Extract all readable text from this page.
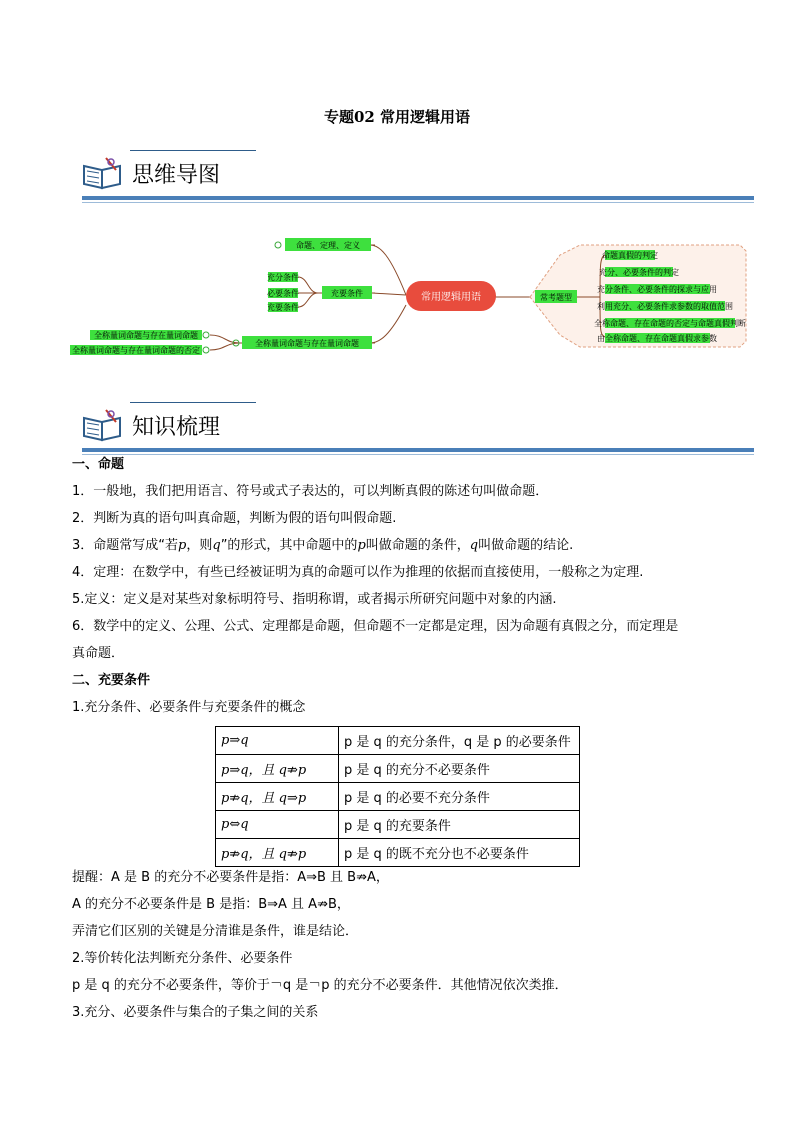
专题02 常用逻辑用语
思维导图
常用逻辑用语
命题、定理、定义
充要条件
充分条件
必要条件
充要条件
全称量词命题与存在量词命题
全称量词命题与存在量词命题
全称量词命题与存在量词命题的否定
常考题型
命题真假的判定
充分、必要条件的判定
充分条件、必要条件的探求与应用
利用充分、必要条件求参数的取值范围
全称命题、存在命题的否定与命题真假判断
由全称命题、存在命题真假求参数
知识梳理

一、命题

1．一般地，我们把用语言、符号或式子表达的，可以判断真假的陈述句叫做命题．

2．判断为真的语句叫真命题，判断为假的语句叫假命题.

3．命题常写成“若p，则q”的形式，其中命题中的p叫做命题的条件，q叫做命题的结论.

4．定理：在数学中，有些已经被证明为真的命题可以作为推理的依据而直接使用，一般称之为定理.

5.定义：定义是对某些对象标明符号、指明称谓，或者揭示所研究问题中对象的内涵.

6．数学中的定义、公理、公式、定理都是命题，但命题不一定都是定理，因为命题有真假之分，而定理是

真命题．

二、充要条件

1.充分条件、必要条件与充要条件的概念

p⇒q	p 是 q 的充分条件，q 是 p 的必要条件
p⇒q，且 q⇏p	p 是 q 的充分不必要条件
p⇏q，且 q⇒p	p 是 q 的必要不充分条件
p⇔q	p 是 q 的充要条件
p⇏q，且 q⇏p	p 是 q 的既不充分也不必要条件

提醒：A 是 B 的充分不必要条件是指：A⇒B 且 B⇏A，

A 的充分不必要条件是 B 是指：B⇒A 且 A⇏B，

弄清它们区别的关键是分清谁是条件，谁是结论．

2.等价转化法判断充分条件、必要条件

p 是 q 的充分不必要条件，等价于￢q 是￢p 的充分不必要条件．其他情况依次类推．

3.充分、必要条件与集合的子集之间的关系
